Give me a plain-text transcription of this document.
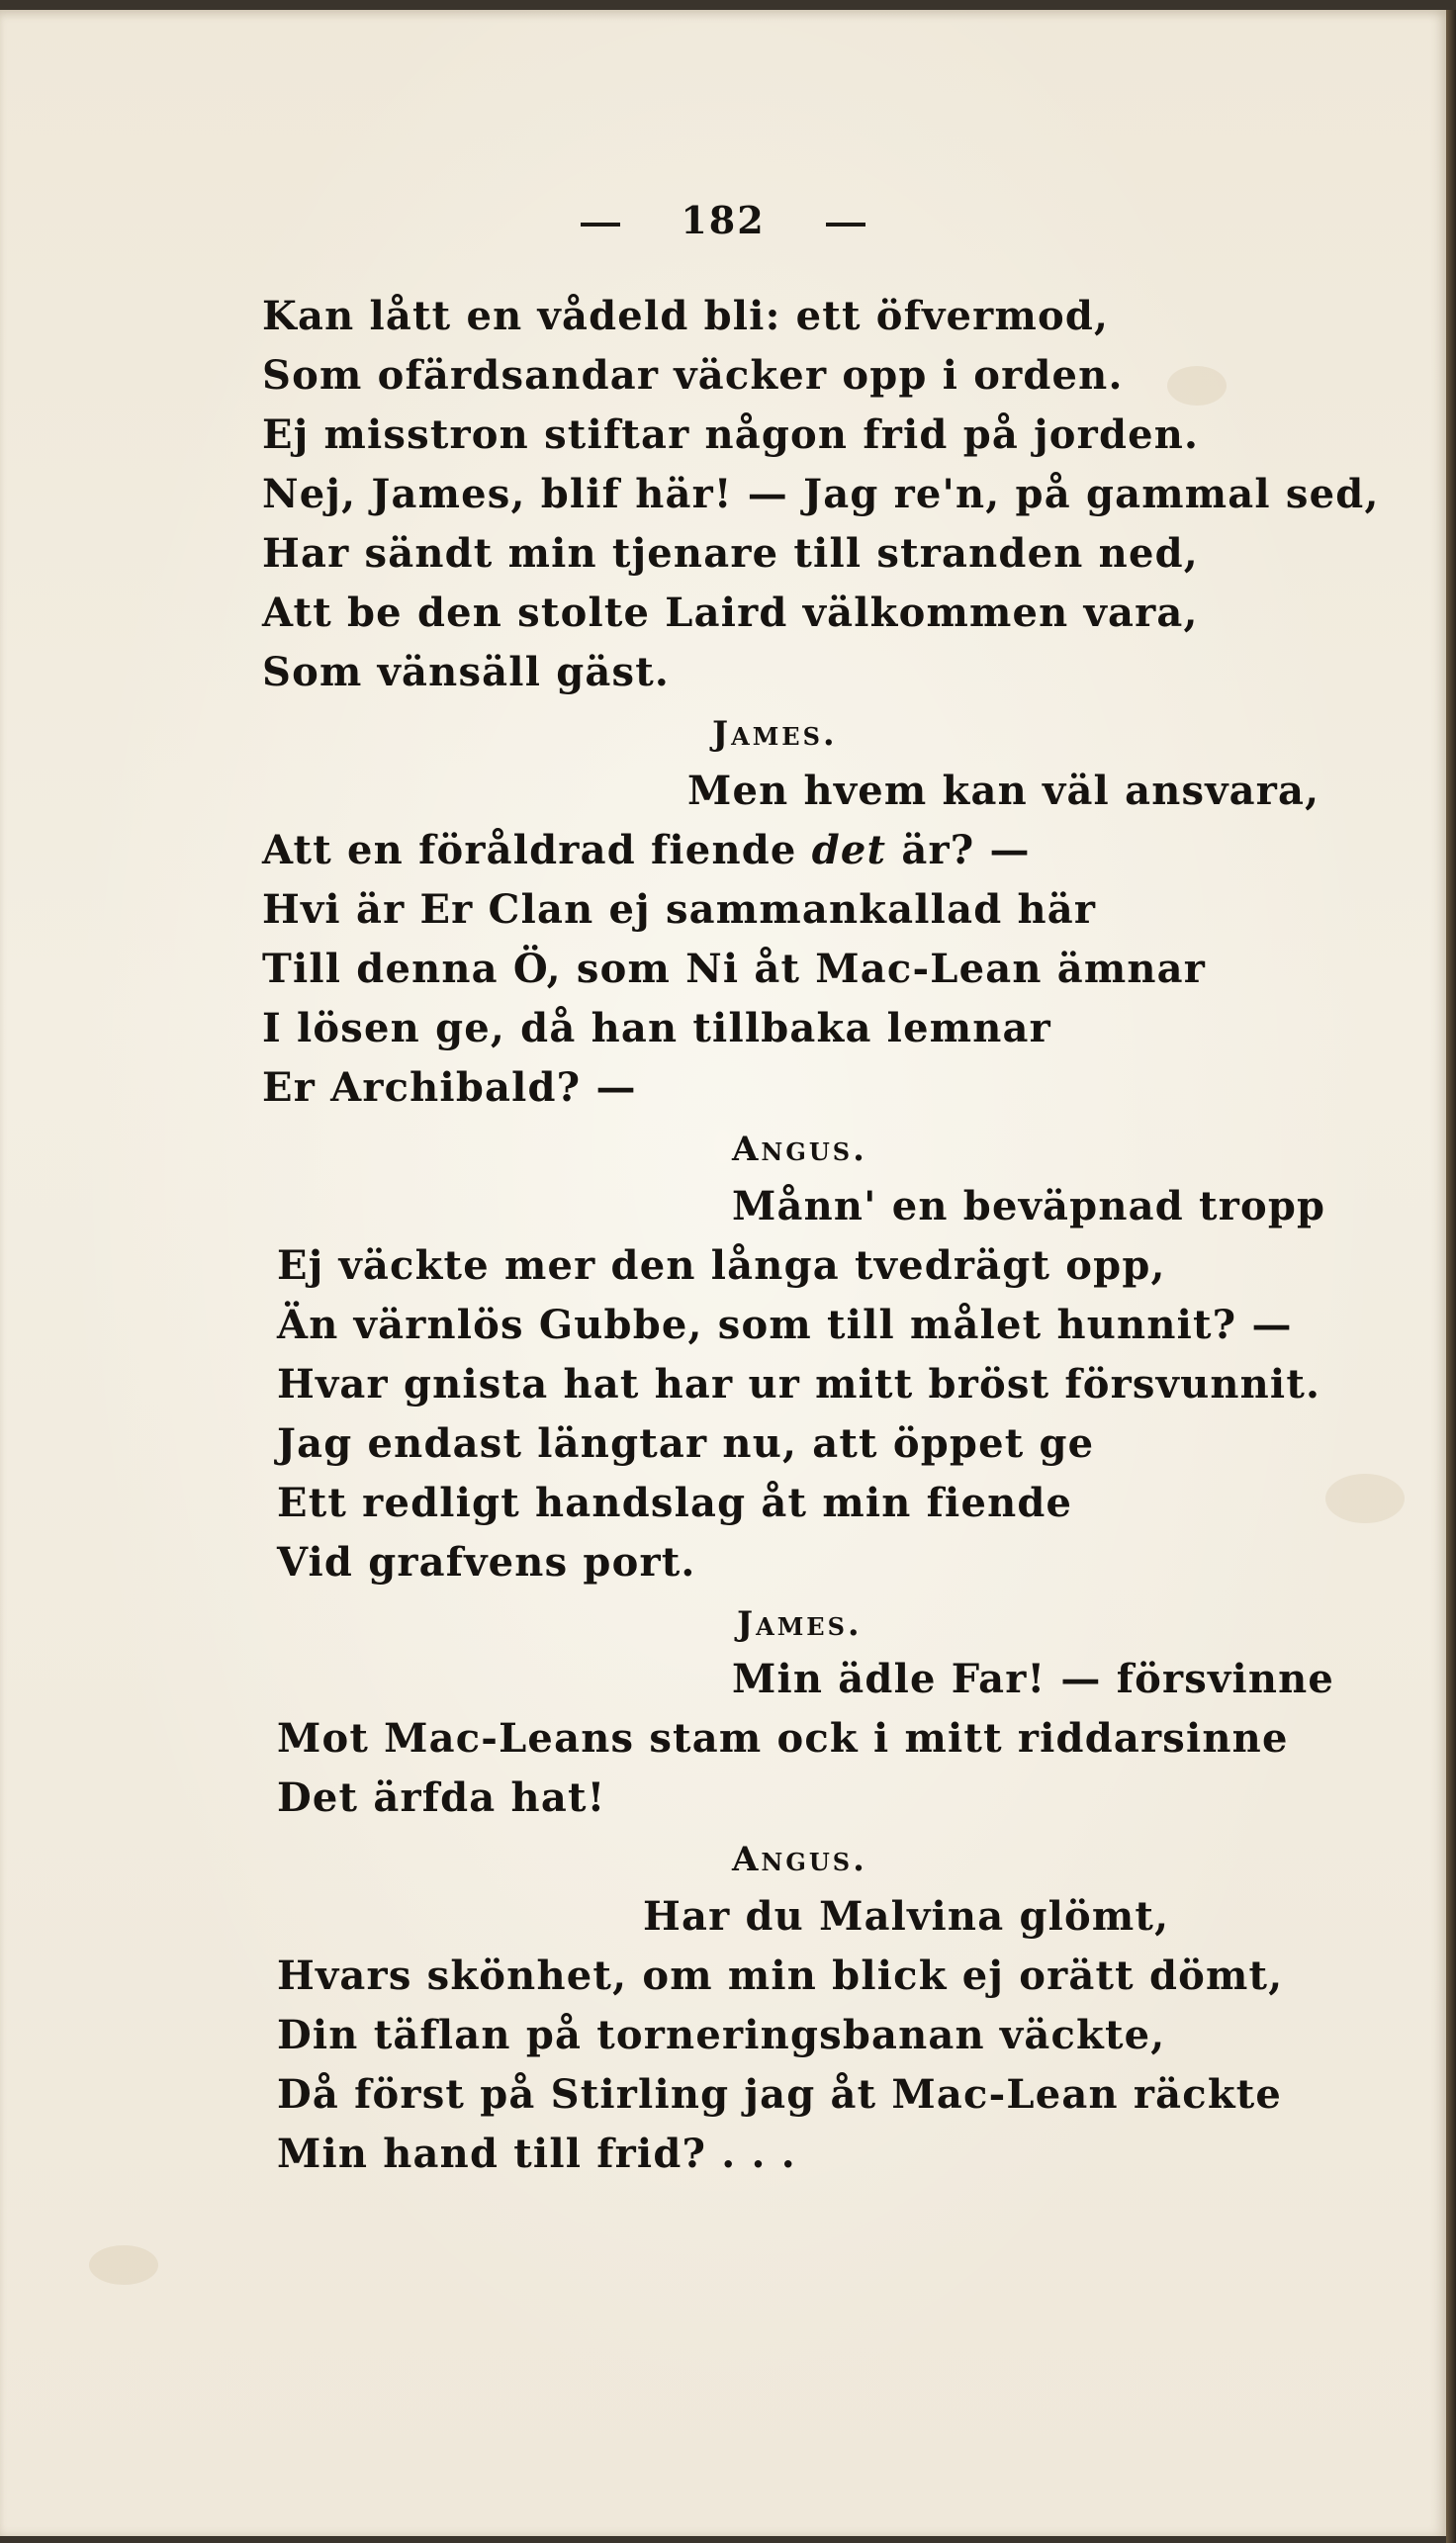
182
Kan lått en vådeld bli: ett öfvermod,
Som ofärdsandar väcker opp i orden.
Ej misstron stiftar någon frid på jorden.
Nej, James, blif här! — Jag re'n, på gammal sed,
Har sändt min tjenare till stranden ned,
Att be den stolte Laird välkommen vara,
Som vänsäll gäst.
James.
Men hvem kan väl ansvara,
Att en föråldrad fiende det är? —
Hvi är Er Clan ej sammankallad här
Till denna Ö, som Ni åt Mac-Lean ämnar
I lösen ge, då han tillbaka lemnar
Er Archibald? —
Angus.
Månn' en beväpnad tropp
Ej väckte mer den långa tvedrägt opp,
Än värnlös Gubbe, som till målet hunnit? —
Hvar gnista hat har ur mitt bröst försvunnit.
Jag endast längtar nu, att öppet ge
Ett redligt handslag åt min fiende
Vid grafvens port.
James.
Min ädle Far! — försvinne
Mot Mac-Leans stam ock i mitt riddarsinne
Det ärfda hat!
Angus.
Har du Malvina glömt,
Hvars skönhet, om min blick ej orätt dömt,
Din täflan på torneringsbanan väckte,
Då först på Stirling jag åt Mac-Lean räckte
Min hand till frid? . . .
